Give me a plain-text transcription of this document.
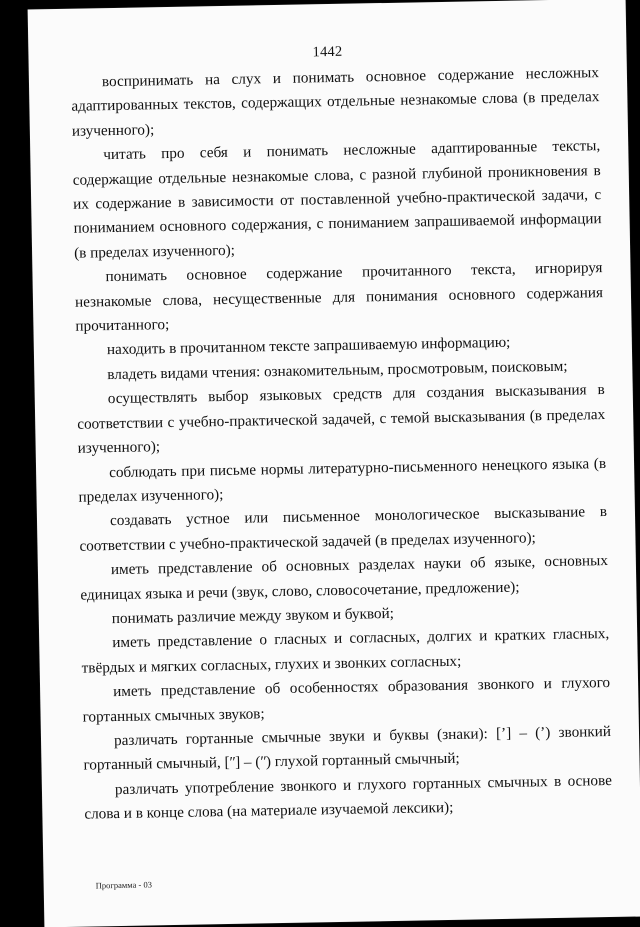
1442

воспринимать на слух и понимать основное содержание несложных адаптированных текстов, содержащих отдельные незнакомые слова (в пределах изученного);

читать про себя и понимать несложные адаптированные тексты, содержащие отдельные незнакомые слова, с разной глубиной проникновения в их содержание в зависимости от поставленной учебно-практической задачи, с пониманием основного содержания, с пониманием запрашиваемой информации (в пределах изученного);

понимать основное содержание прочитанного текста, игнорируя незнакомые слова, несущественные для понимания основного содержания прочитанного;

находить в прочитанном тексте запрашиваемую информацию;

владеть видами чтения: ознакомительным, просмотровым, поисковым;

осуществлять выбор языковых средств для создания высказывания в соответствии с учебно-практической задачей, с темой высказывания (в пределах изученного);

соблюдать при письме нормы литературно-письменного ненецкого языка (в пределах изученного);

создавать устное или письменное монологическое высказывание в соответствии с учебно-практической задачей (в пределах изученного);

иметь представление об основных разделах науки об языке, основных единицах языка и речи (звук, слово, словосочетание, предложение);

понимать различие между звуком и буквой;

иметь представление о гласных и согласных, долгих и кратких гласных, твёрдых и мягких согласных, глухих и звонких согласных;

иметь представление об особенностях образования звонкого и глухого гортанных смычных звуков;

различать гортанные смычные звуки и буквы (знаки): [ʼ] – (ʼ) звонкий гортанный смычный, [ʺ] – (ʺ) глухой гортанный смычный;

различать употребление звонкого и глухого гортанных смычных в основе слова и в конце слова (на материале изучаемой лексики);

Программа - 03
